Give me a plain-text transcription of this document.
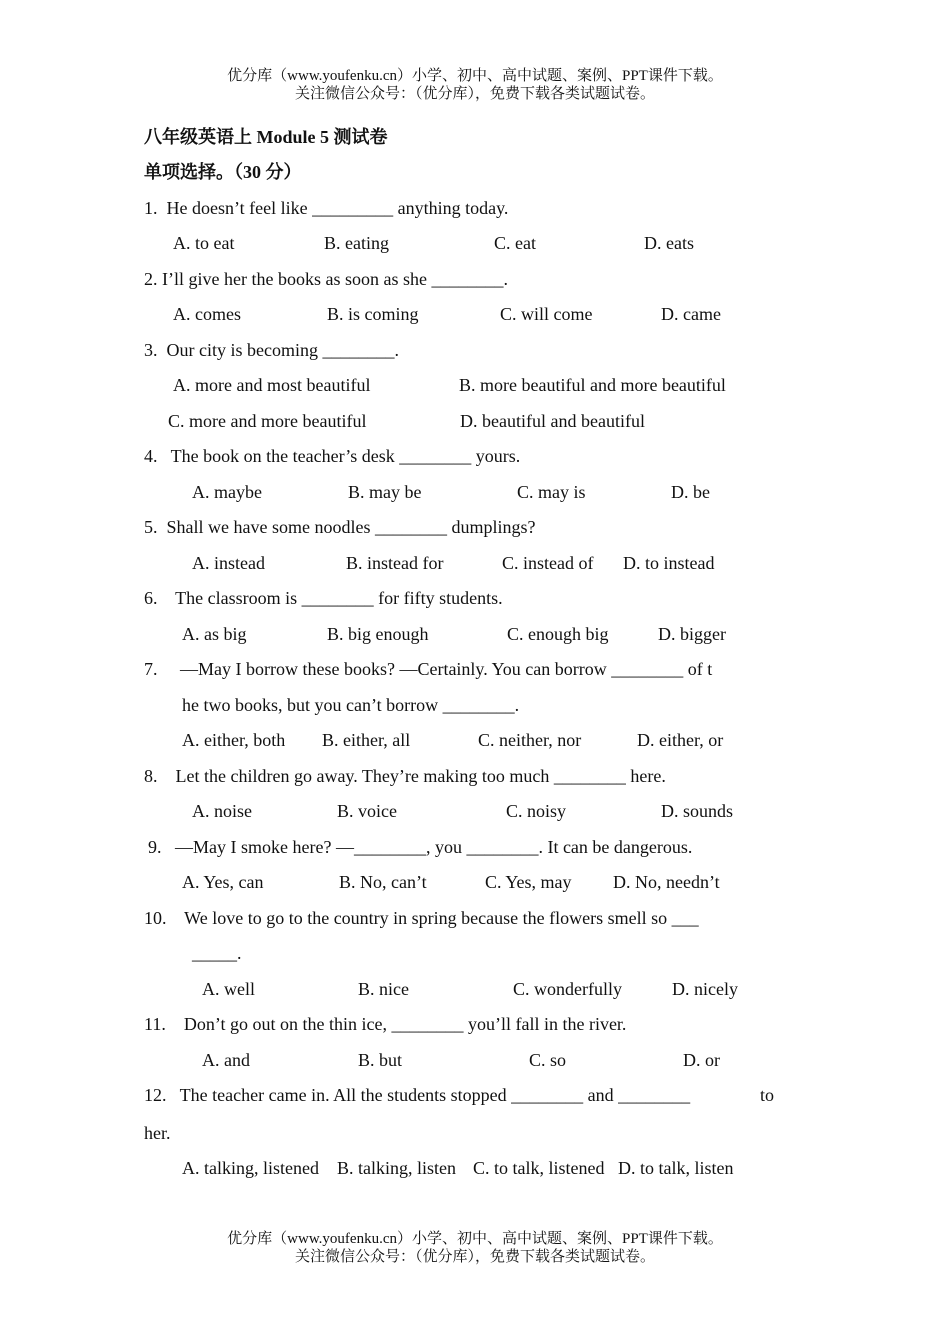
优分库（www.youfenku.cn）小学、初中、高中试题、案例、PPT课件下载。
关注微信公众号：（优分库），免费下载各类试题试卷。
八年级英语上 Module 5 测试卷
单项选择。（30 分）
1.  He doesn’t feel like _________ anything today.
A. to eat	B. eating	C. eat	D. eats
2. I’ll give her the books as soon as she ________.
A. comes	B. is coming	C. will come	D. came
3.  Our city is becoming ________.
A. more and most beautiful	B. more beautiful and more beautiful
C. more and more beautiful	D. beautiful and beautiful
4.   The book on the teacher’s desk ________ yours.
A. maybe	B. may be	C. may is	D. be
5.  Shall we have some noodles ________ dumplings?
A. instead	B. instead for	C. instead of D. to instead
6.    The classroom is ________ for fifty students.
A. as big	B. big enough	C. enough big	D. bigger
7.     —May I borrow these books? —Certainly. You can borrow ________ of t
he two books, but you can’t borrow ________.
A. either, both B. either, all	C. neither, nor	D. either, or
8.    Let the children go away. They’re making too much ________ here.
A. noise	B. voice	C. noisy	D. sounds
9.   —May I smoke here? —________, you ________. It can be dangerous.
A. Yes, can	B. No, can’t	C. Yes, may D. No, needn’t
10.    We love to go to the country in spring because the flowers smell so ___
_____.
A. well	B. nice	C. wonderfully	D. nicely
11.    Don’t go out on the thin ice, ________ you’ll fall in the river.
A. and	B. but	C. so	D. or
12.   The teacher came in. All the students stopped ________ and ________	to
her.
A. talking, listened B. talking, listen C. to talk, listened D. to talk, listen
优分库（www.youfenku.cn）小学、初中、高中试题、案例、PPT课件下载。
关注微信公众号：（优分库），免费下载各类试题试卷。
